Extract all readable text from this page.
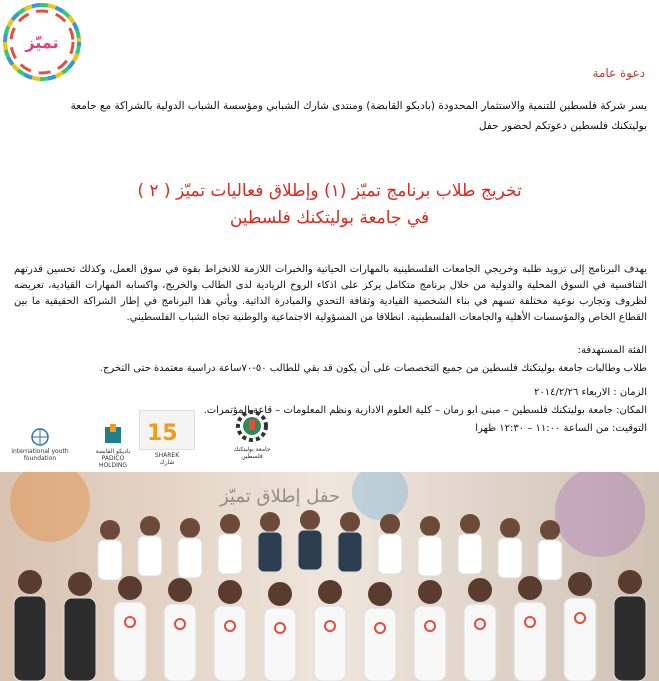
تميّز
دعوة عامة
يسر شركة فلسطين للتنمية والاستثمار المحدودة (باديكو القابضة) ومنتدى شارك الشبابي ومؤسسة الشباب الدولية بالشراكة مع جامعة
بوليتكنك فلسطين دعوتكم لحضور حفل
تخريج طلاب برنامج تميّز (١) وإطلاق فعاليات تميّز ( ٢ )
في جامعة بوليتكنك فلسطين
يهدف البرنامج إلى تزويد طلبة وخريجي الجامعات الفلسطينية بالمهارات الحياتية والخبرات اللازمة للانخراط بقوة في سوق العمل، وكذلك تحسين قدرتهم التنافسية في السوق المحلية والدولية من خلال برنامج متكامل يركز على اذكاء الروح الريادية لدى الطالب والخريج، واكسابه المهارات القيادية، تعريضه لظروف وتجارب نوعية مختلفة تسهم في بناء الشخصية القيادية وثقافة التحدي والمبادرة الذاتية. ويأتي هذا البرنامج في إطار الشراكة الحقيقية ما بين القطاع الخاص والمؤسسات الأهلية والجامعات الفلسطينية. انطلاقا من المسؤولية الاجتماعية والوطنية تجاه الشباب الفلسطيني.
الفئة المستهدفة:
طلاب وطالبات جامعة بوليتكنك فلسطين من جميع التخصصات على أن يكون قد بقي للطالب ٥٠-٧٠ساعة دراسية معتمدة حتى التخرج.
الزمان : الاربعاء ٢٠١٤/٢/٢٦
المكان: جامعة بوليتكنك فلسطين – مبنى ابو رمان – كلية العلوم الادارية ونظم المعلومات – قاعة المؤتمرات.
التوقيت: من الساعة ١١:٠٠ – ١٢:٣٠ ظهرا
international youth foundation
باديكو القابضة
PADICO HOLDING
15
SHAREK
شارك
جامعة بوليتكنك فلسطين
حفل إطلاق تميّز
